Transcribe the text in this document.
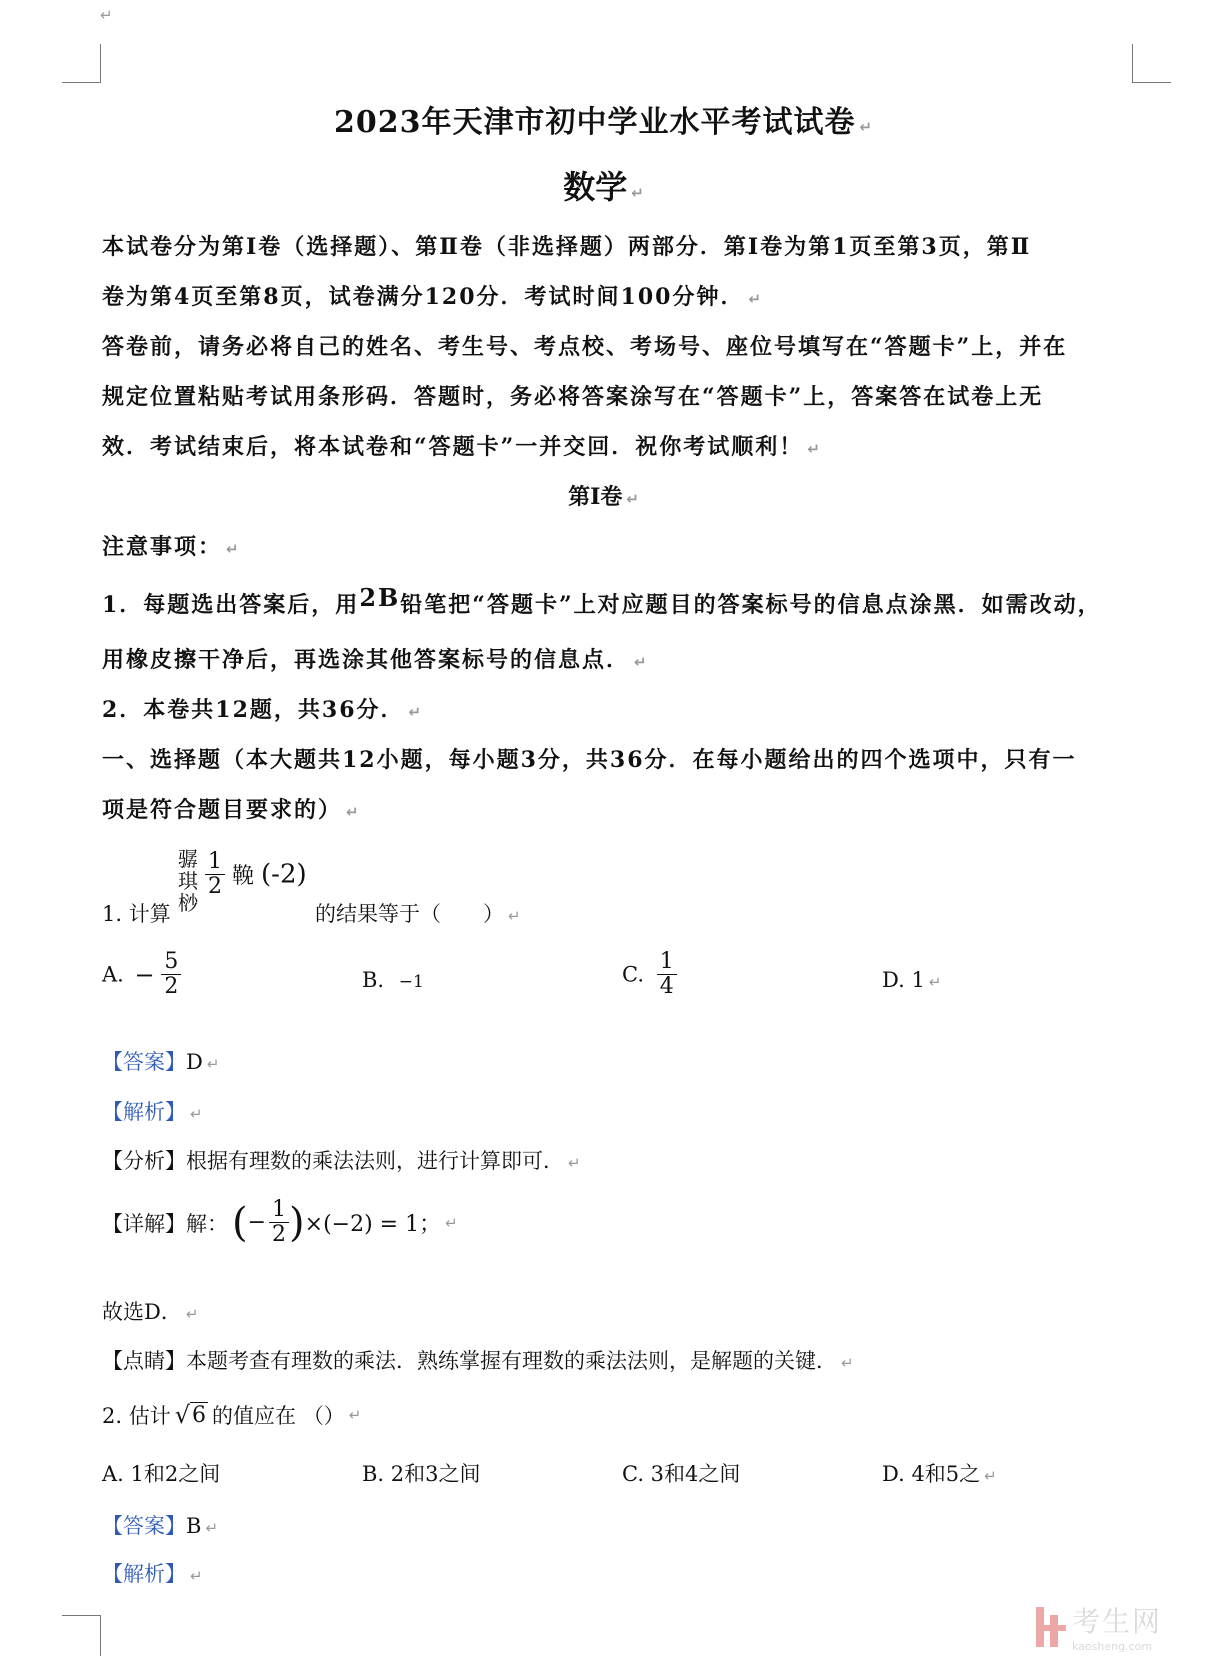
↵
2023年天津市初中学业水平考试试卷 ↵
数学 ↵
本试卷分为第Ⅰ卷（选择题）、第Ⅱ卷（非选择题）两部分．第Ⅰ卷为第1页至第3页，第Ⅱ
卷为第4页至第8页，试卷满分120分．考试时间100分钟． ↵
答卷前，请务必将自己的姓名、考生号、考点校、考场号、座位号填写在“答题卡”上，并在
规定位置粘贴考试用条形码．答题时，务必将答案涂写在“答题卡”上，答案答在试卷上无
效．考试结束后，将本试卷和“答题卡”一并交回．祝你考试顺利！ ↵
第Ⅰ卷 ↵
注意事项： ↵
1．每题选出答案后，用2B铅笔把“答题卡”上对应题目的答案标号的信息点涂黑．如需改动，
用橡皮擦干净后，再选涂其他答案标号的信息点． ↵
2．本卷共12题，共36分． ↵
一、选择题（本大题共12小题，每小题3分，共36分．在每小题给出的四个选项中，只有一
项是符合题目要求的） ↵
骣
琪
桫
$\frac{1}{2}$ 鞔 (‑2)
1. 计算	的结果等于（　　） ↵
A. − $\frac{5}{2}$	B. −1	C. $\frac{1}{4}$	D. 1 ↵
【答案】D ↵
【解析】 ↵
【分析】根据有理数的乘法法则，进行计算即可． ↵
【详解】解： ( − $\frac{1}{2}$ ) ×(−2) = 1； ↵
故选D． ↵
【点睛】本题考查有理数的乘法．熟练掌握有理数的乘法法则，是解题的关键． ↵
2. 估计 √ 6 的值应在 （） ↵
A. 1和2之间	B. 2和3之间	C. 3和4之间	D. 4和5之 ↵
【答案】B ↵
【解析】 ↵
考生网
kaosheng.com
